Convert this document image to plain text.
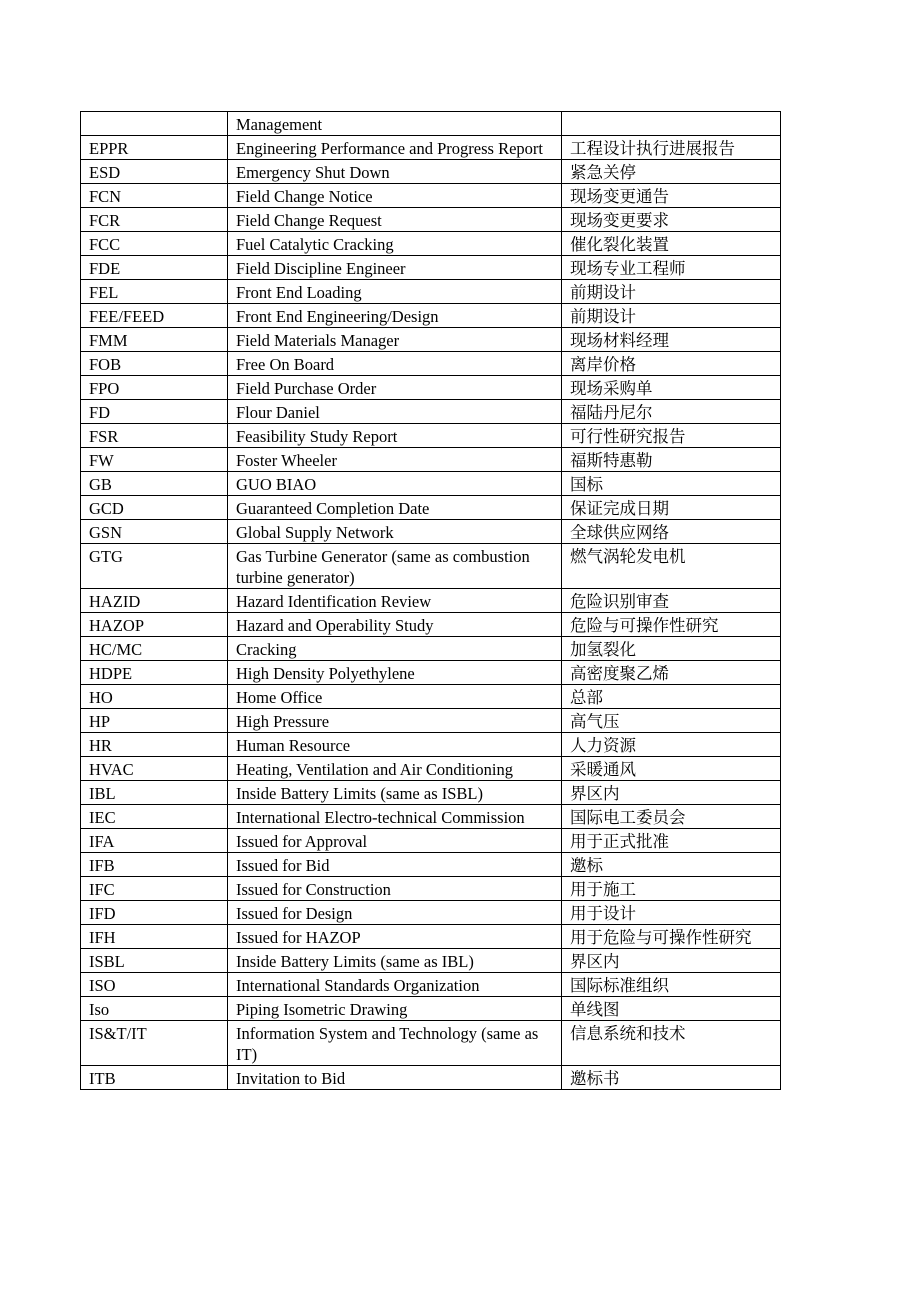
	Management	
EPPR	Engineering Performance and Progress Report	工程设计执行进展报告
ESD	Emergency Shut Down	紧急关停
FCN	Field Change Notice	现场变更通告
FCR	Field Change Request	现场变更要求
FCC	Fuel Catalytic Cracking	催化裂化装置
FDE	Field Discipline Engineer	现场专业工程师
FEL	Front End Loading	前期设计
FEE/FEED	Front End Engineering/Design	前期设计
FMM	Field Materials Manager	现场材料经理
FOB	Free On Board	离岸价格
FPO	Field Purchase Order	现场采购单
FD	Flour Daniel	福陆丹尼尔
FSR	Feasibility Study Report	可行性研究报告
FW	Foster Wheeler	福斯特惠勒
GB	GUO BIAO	国标
GCD	Guaranteed Completion Date	保证完成日期
GSN	Global Supply Network	全球供应网络
GTG	Gas Turbine Generator (same as combustion turbine generator)	燃气涡轮发电机
HAZID	Hazard Identification Review	危险识别审查
HAZOP	Hazard and Operability Study	危险与可操作性研究
HC/MC	Cracking	加氢裂化
HDPE	High Density Polyethylene	高密度聚乙烯
HO	Home Office	总部
HP	High Pressure	高气压
HR	Human Resource	人力资源
HVAC	Heating, Ventilation and Air Conditioning	采暖通风
IBL	Inside Battery Limits (same as ISBL)	界区内
IEC	International Electro-technical Commission	国际电工委员会
IFA	Issued for Approval	用于正式批准
IFB	Issued for Bid	邀标
IFC	Issued for Construction	用于施工
IFD	Issued for Design	用于设计
IFH	Issued for HAZOP	用于危险与可操作性研究
ISBL	Inside Battery Limits (same as IBL)	界区内
ISO	International Standards Organization	国际标准组织
Iso	Piping Isometric Drawing	单线图
IS&T/IT	Information System and Technology (same as IT)	信息系统和技术
ITB	Invitation to Bid	邀标书
